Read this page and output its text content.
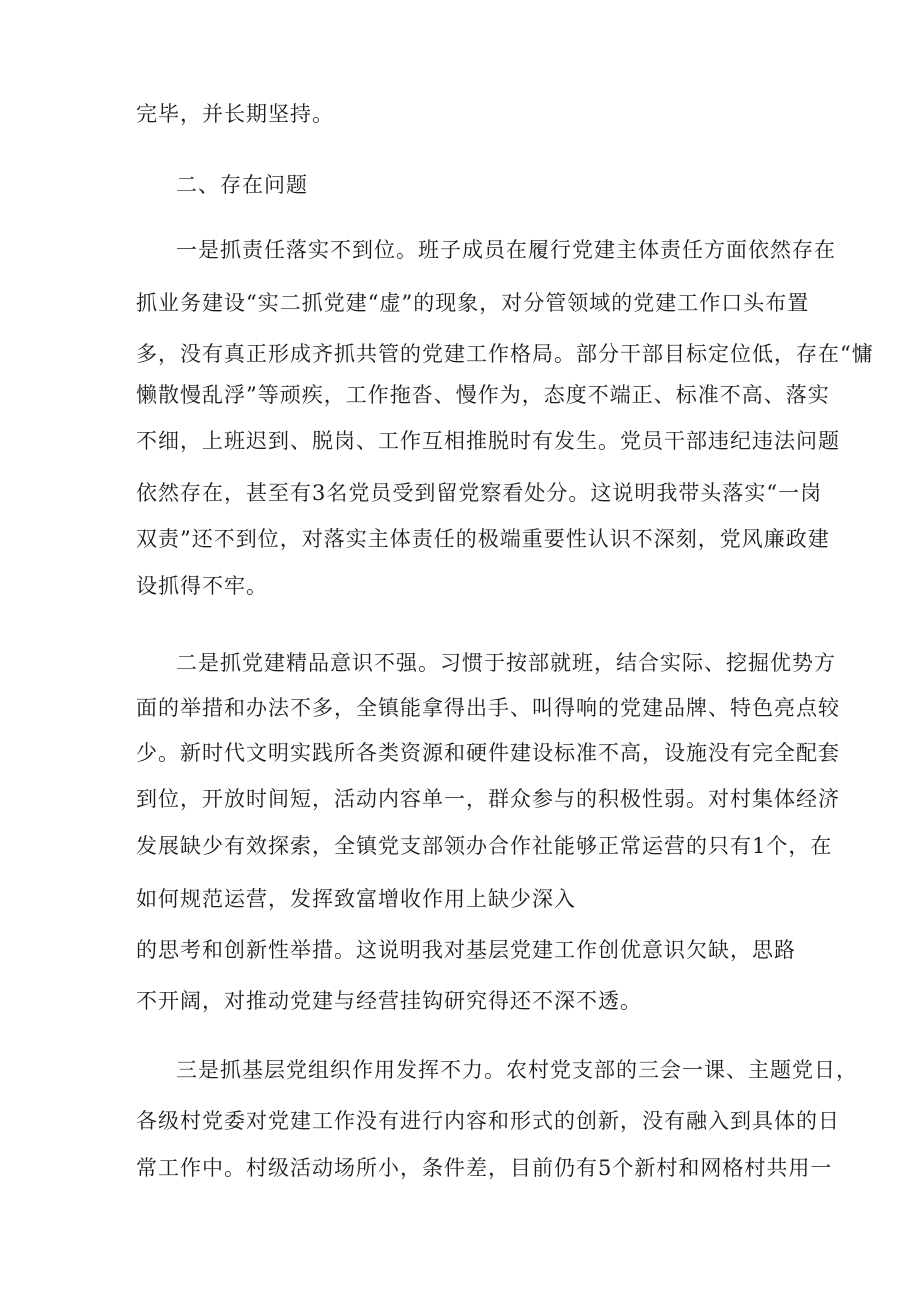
完毕，并长期坚持。
二、存在问题
一是抓责任落实不到位。班子成员在履行党建主体责任方面依然存在
抓业务建设“实二抓党建“虚”的现象，对分管领域的党建工作口头布置
多，没有真正形成齐抓共管的党建工作格局。部分干部目标定位低，存在“慵
懒散慢乱浮”等顽疾，工作拖沓、慢作为，态度不端正、标准不高、落实
不细，上班迟到、脱岗、工作互相推脱时有发生。党员干部违纪违法问题
依然存在，甚至有3名党员受到留党察看处分。这说明我带头落实“一岗
双责”还不到位，对落实主体责任的极端重要性认识不深刻，党风廉政建
设抓得不牢。
二是抓党建精品意识不强。习惯于按部就班，结合实际、挖掘优势方
面的举措和办法不多，全镇能拿得出手、叫得响的党建品牌、特色亮点较
少。新时代文明实践所各类资源和硬件建设标准不高，设施没有完全配套
到位，开放时间短，活动内容单一，群众参与的积极性弱。对村集体经济
发展缺少有效探索，全镇党支部领办合作社能够正常运营的只有1个，在
如何规范运营，发挥致富增收作用上缺少深入
的思考和创新性举措。这说明我对基层党建工作创优意识欠缺，思路
不开阔，对推动党建与经营挂钩研究得还不深不透。
三是抓基层党组织作用发挥不力。农村党支部的三会一课、主题党日，
各级村党委对党建工作没有进行内容和形式的创新，没有融入到具体的日
常工作中。村级活动场所小，条件差，目前仍有5个新村和网格村共用一
